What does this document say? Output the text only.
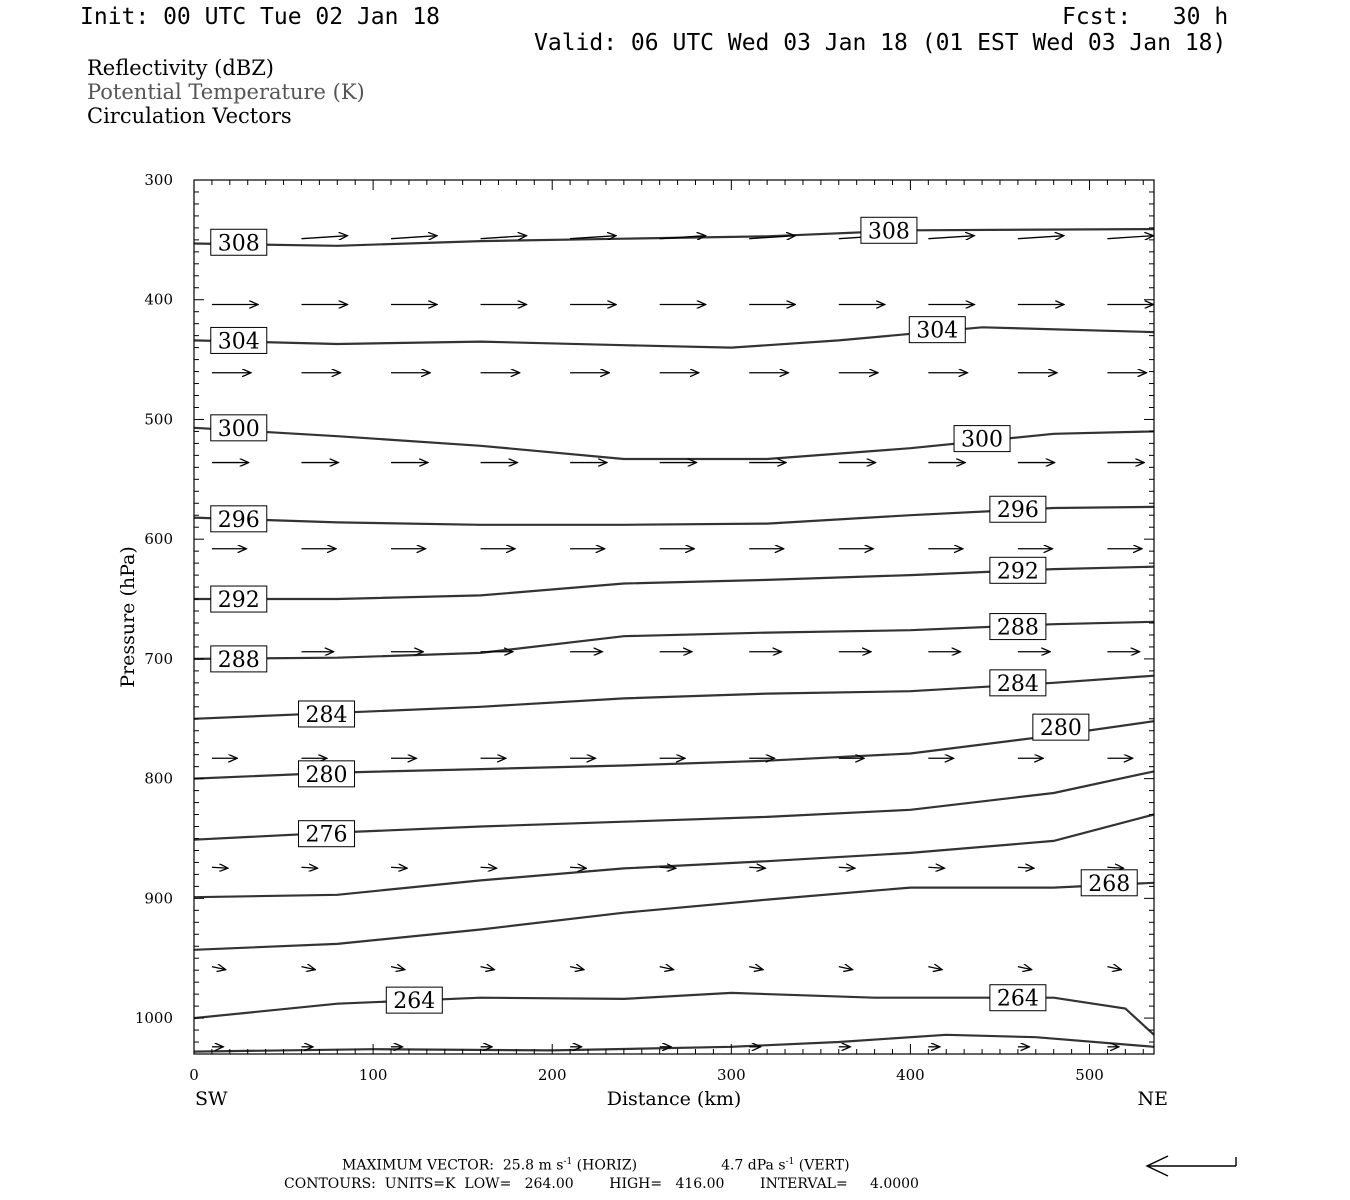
Init: 00 UTC Tue 02 Jan 18	Fcst:   30 h
Valid: 06 UTC Wed 03 Jan 18 (01 EST Wed 03 Jan 18)
Reflectivity (dBZ)
Potential Temperature (K)
Circulation Vectors
308	308
304	304
300	300
296	296
292
292
288
288
284
284
280
280
276
268
264	264
300
400
500
600
700
800
900
1000
0	100	200	300	400	500
Pressure (hPa)
Distance (km)
SW	NE
MAXIMUM VECTOR:  25.8 m $s^{-1}$ (HORIZ)	4.7 dPa $s^{-1}$ (VERT)
CONTOURS:  UNITS=K  LOW=   264.00        HIGH=   416.00        INTERVAL=     4.0000
